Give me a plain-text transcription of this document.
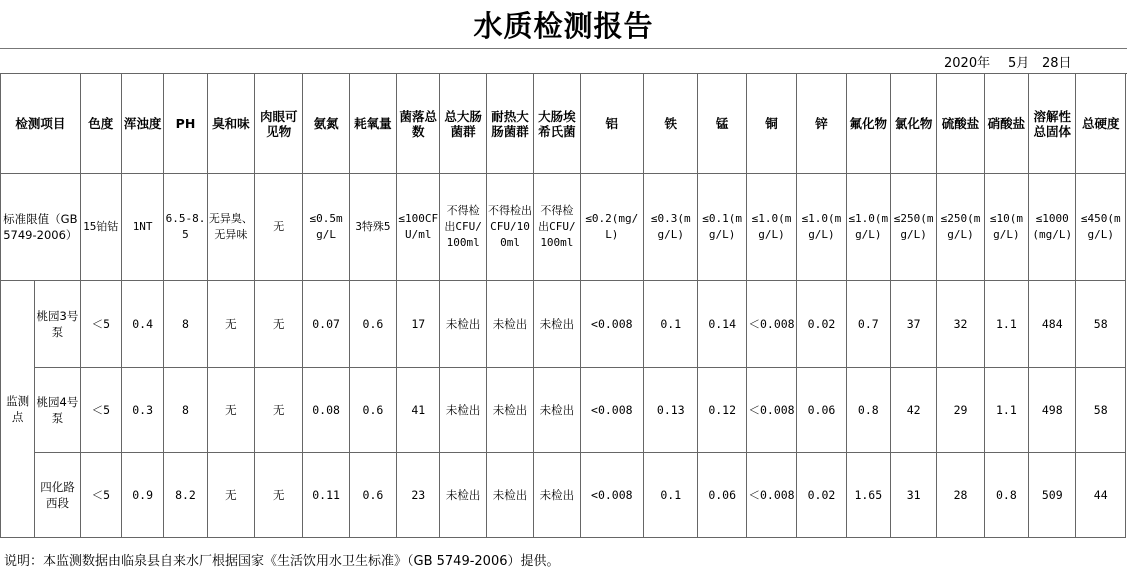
水质检测报告
2020年 5月 28日
检测项目		色度	浑浊度	PH	臭和味	肉眼可见物	氨氮	耗氧量	菌落总数	总大肠菌群	耐热大肠菌群	大肠埃希氏菌	铝	铁	锰	铜	锌	氟化物	氯化物	硫酸盐	硝酸盐	溶解性总固体	总硬度
标准限值（GB5749-2006）		15铂钴	1NT	6.5-8.5	无异臭、无异味	无	≤0.5mg/L	3特殊5	≤100CFU/ml	不得检出CFU/100ml	不得检出CFU/100ml	不得检出CFU/100ml	≤0.2(mg/L)	≤0.3(mg/L)	≤0.1(mg/L)	≤1.0(mg/L)	≤1.0(mg/L)	≤1.0(mg/L)	≤250(mg/L)	≤250(mg/L)	≤10(mg/L)	≤1000(mg/L)	≤450(mg/L)
监测点	桃园3号泵	＜5	0.4	8	无	无	0.07	0.6	17	未检出	未检出	未检出	<0.008	0.1	0.14	＜0.008	0.02	0.7	37	32	1.1	484	58
	桃园4号泵	＜5	0.3	8	无	无	0.08	0.6	41	未检出	未检出	未检出	<0.008	0.13	0.12	＜0.008	0.06	0.8	42	29	1.1	498	58
	四化路西段	＜5	0.9	8.2	无	无	0.11	0.6	23	未检出	未检出	未检出	<0.008	0.1	0.06	＜0.008	0.02	1.65	31	28	0.8	509	44
说明：本监测数据由临泉县自来水厂根据国家《生活饮用水卫生标准》（GB 5749-2006）提供。
